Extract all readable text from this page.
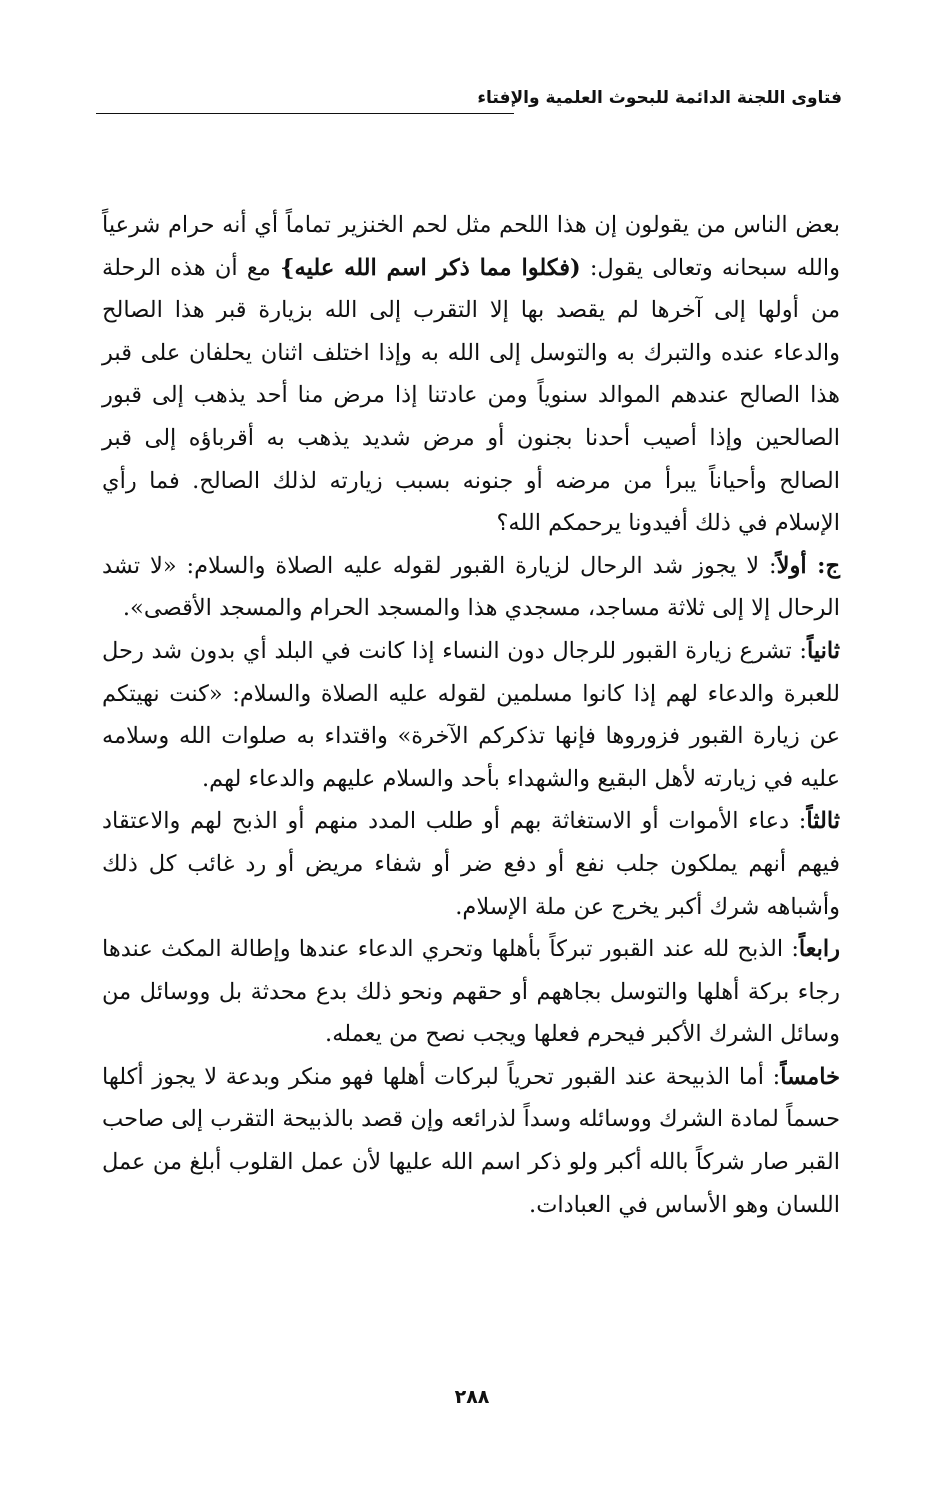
فتاوى اللجنة الدائمة للبحوث العلمية والإفتاء

بعض الناس من يقولون إن هذا اللحم مثل لحم الخنزير تماماً أي أنه حرام شرعياً والله سبحانه وتعالى يقول: (فكلوا مما ذكر اسم الله عليه} مع أن هذه الرحلة من أولها إلى آخرها لم يقصد بها إلا التقرب إلى الله بزيارة قبر هذا الصالح والدعاء عنده والتبرك به والتوسل إلى الله به وإذا اختلف اثنان يحلفان على قبر هذا الصالح عندهم الموالد سنوياً ومن عادتنا إذا مرض منا أحد يذهب إلى قبور الصالحين وإذا أصيب أحدنا بجنون أو مرض شديد يذهب به أقرباؤه إلى قبر الصالح وأحياناً يبرأ من مرضه أو جنونه بسبب زيارته لذلك الصالح. فما رأي الإسلام في ذلك أفيدونا يرحمكم الله؟

ج: أولاً: لا يجوز شد الرحال لزيارة القبور لقوله عليه الصلاة والسلام: «لا تشد الرحال إلا إلى ثلاثة مساجد، مسجدي هذا والمسجد الحرام والمسجد الأقصى».

ثانياً: تشرع زيارة القبور للرجال دون النساء إذا كانت في البلد أي بدون شد رحل للعبرة والدعاء لهم إذا كانوا مسلمين لقوله عليه الصلاة والسلام: «كنت نهيتكم عن زيارة القبور فزوروها فإنها تذكركم الآخرة» واقتداء به صلوات الله وسلامه عليه في زيارته لأهل البقيع والشهداء بأحد والسلام عليهم والدعاء لهم.

ثالثاً: دعاء الأموات أو الاستغاثة بهم أو طلب المدد منهم أو الذبح لهم والاعتقاد فيهم أنهم يملكون جلب نفع أو دفع ضر أو شفاء مريض أو رد غائب كل ذلك وأشباهه شرك أكبر يخرج عن ملة الإسلام.

رابعاً: الذبح لله عند القبور تبركاً بأهلها وتحري الدعاء عندها وإطالة المكث عندها رجاء بركة أهلها والتوسل بجاههم أو حقهم ونحو ذلك بدع محدثة بل ووسائل من وسائل الشرك الأكبر فيحرم فعلها ويجب نصح من يعمله.

خامساً: أما الذبيحة عند القبور تحرياً لبركات أهلها فهو منكر وبدعة لا يجوز أكلها حسماً لمادة الشرك ووسائله وسداً لذرائعه وإن قصد بالذبيحة التقرب إلى صاحب القبر صار شركاً بالله أكبر ولو ذكر اسم الله عليها لأن عمل القلوب أبلغ من عمل اللسان وهو الأساس في العبادات.

٢٨٨
